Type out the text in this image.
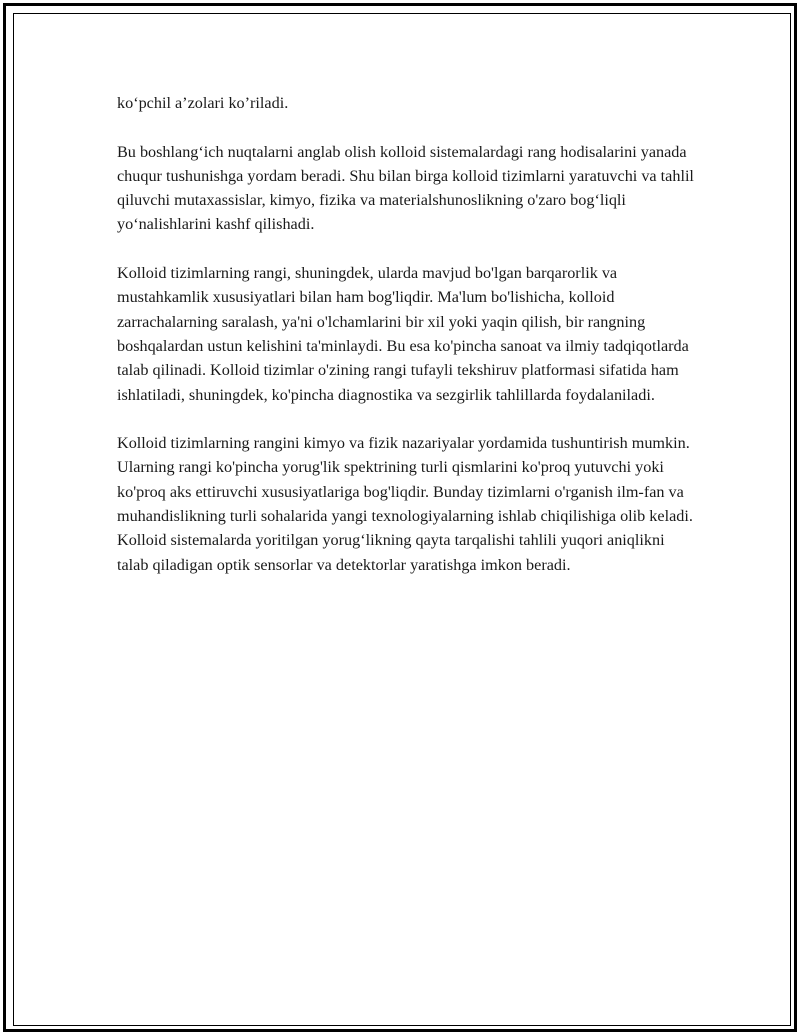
ko‘pchil a’zolari ko’riladi.

Bu boshlang‘ich nuqtalarni anglab olish kolloid sistemalardagi rang hodisalarini yanada chuqur tushunishga yordam beradi. Shu bilan birga kolloid tizimlarni yaratuvchi va tahlil qiluvchi mutaxassislar, kimyo, fizika va materialshunoslikning o'zaro bog‘liqli yo‘nalishlarini kashf qilishadi.

Kolloid tizimlarning rangi, shuningdek, ularda mavjud bo'lgan barqarorlik va mustahkamlik xususiyatlari bilan ham bog'liqdir. Ma'lum bo'lishicha, kolloid zarrachalarning saralash, ya'ni o'lchamlarini bir xil yoki yaqin qilish, bir rangning boshqalardan ustun kelishini ta'minlaydi. Bu esa ko'pincha sanoat va ilmiy tadqiqotlarda talab qilinadi. Kolloid tizimlar o'zining rangi tufayli tekshiruv platformasi sifatida ham ishlatiladi, shuningdek, ko'pincha diagnostika va sezgirlik tahlillarda foydalaniladi.

Kolloid tizimlarning rangini kimyo va fizik nazariyalar yordamida tushuntirish mumkin. Ularning rangi ko'pincha yorug'lik spektrining turli qismlarini ko'proq yutuvchi yoki ko'proq aks ettiruvchi xususiyatlariga bog'liqdir. Bunday tizimlarni o'rganish ilm-fan va muhandislikning turli sohalarida yangi texnologiyalarning ishlab chiqilishiga olib keladi. Kolloid sistemalarda yoritilgan yorug‘likning qayta tarqalishi tahlili yuqori aniqlikni talab qiladigan optik sensorlar va detektorlar yaratishga imkon beradi.
